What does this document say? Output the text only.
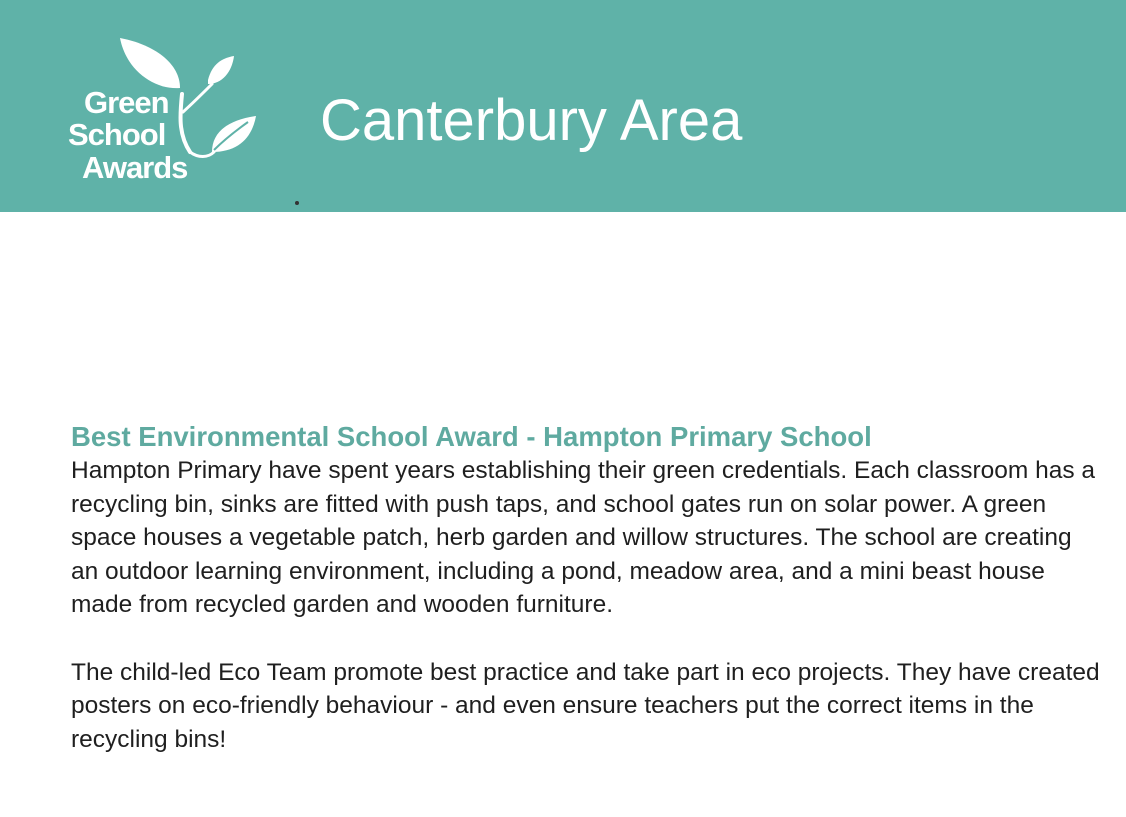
Green
School
Awards
Canterbury Area
Best Environmental School Award - Hampton Primary School

Hampton Primary have spent years establishing their green credentials. Each classroom has a recycling bin, sinks are fitted with push taps, and school gates run on solar power. A green space houses a vegetable patch, herb garden and willow structures. The school are creating an outdoor learning environment, including a pond, meadow area, and a mini beast house made from recycled garden and wooden furniture.

The child-led Eco Team promote best practice and take part in eco projects. They have created posters on eco-friendly behaviour - and even ensure teachers put the correct items in the recycling bins!
